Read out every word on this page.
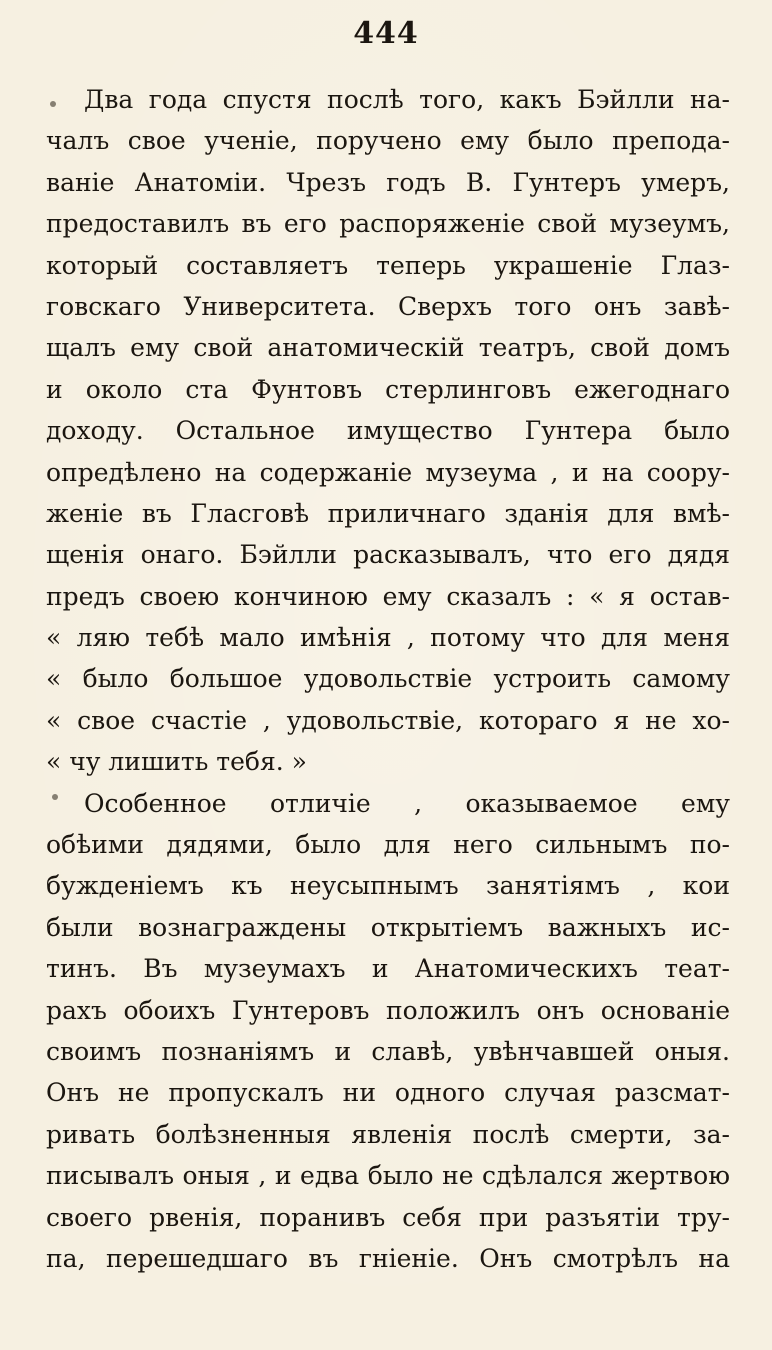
444
Два года спустя послѣ того, какъ Бэйлли на-
чалъ свое ученіе, поручено ему было препода-
ваніе Анатоміи. Чрезъ годъ В. Гунтеръ умеръ,
предоставилъ въ его распоряженіе свой музеумъ,
который составляетъ теперь украшеніе Глаз-
говскаго Университета. Сверхъ того онъ завѣ-
щалъ ему свой анатомическій театръ, свой домъ
и около ста Фунтовъ стерлинговъ ежегоднаго
доходу. Остальное имущество Гунтера было
опредѣлено на содержаніе музеума , и на соору-
женіе въ Гласговѣ приличнаго зданія для вмѣ-
щенія онаго. Бэйлли расказывалъ, что его дядя
предъ своею кончиною ему сказалъ : « я остав-
« ляю тебѣ мало имѣнія , потому что для меня
« было большое удовольствіе устроить самому
« свое счастіе , удовольствіе, котораго я не хо-
« чу лишить тебя. »
Особенное отличіе , оказываемое ему
обѣими дядями, было для него сильнымъ по-
бужденіемъ къ неусыпнымъ занятіямъ , кои
были вознаграждены открытіемъ важныхъ ис-
тинъ. Въ музеумахъ и Анатомическихъ теат-
рахъ обоихъ Гунтеровъ положилъ онъ основаніе
своимъ познаніямъ и славѣ, увѣнчавшей оныя.
Онъ не пропускалъ ни одного случая разсмат-
ривать болѣзненныя явленія послѣ смерти, за-
писывалъ оныя , и едва было не сдѣлался жертвою
своего рвенія, поранивъ себя при разъятіи тру-
па, перешедшаго въ гніеніе. Онъ смотрѣлъ на
